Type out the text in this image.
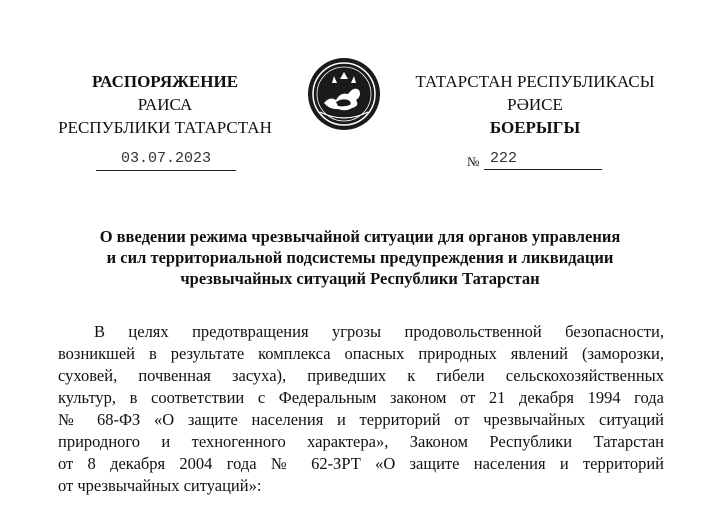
РАСПОРЯЖЕНИЕ
РАИСА
РЕСПУБЛИКИ ТАТАРСТАН
ТАТАРСТАН РЕСПУБЛИКАСЫ
РӘИСЕ
БОЕРЫГЫ
03.07.2023	№ 222
О введении режима чрезвычайной ситуации для органов управления
и сил территориальной подсистемы предупреждения и ликвидации
чрезвычайных ситуаций Республики Татарстан
В целях предотвращения угрозы продовольственной безопасности,
возникшей в результате комплекса опасных природных явлений (заморозки,
суховей, почвенная засуха), приведших к гибели сельскохозяйственных
культур, в соответствии с Федеральным законом от 21 декабря 1994 года
№ 68-ФЗ «О защите населения и территорий от чрезвычайных ситуаций
природного и техногенного характера», Законом Республики Татарстан
от 8 декабря 2004 года № 62-ЗРТ «О защите населения и территорий
от чрезвычайных ситуаций»:
